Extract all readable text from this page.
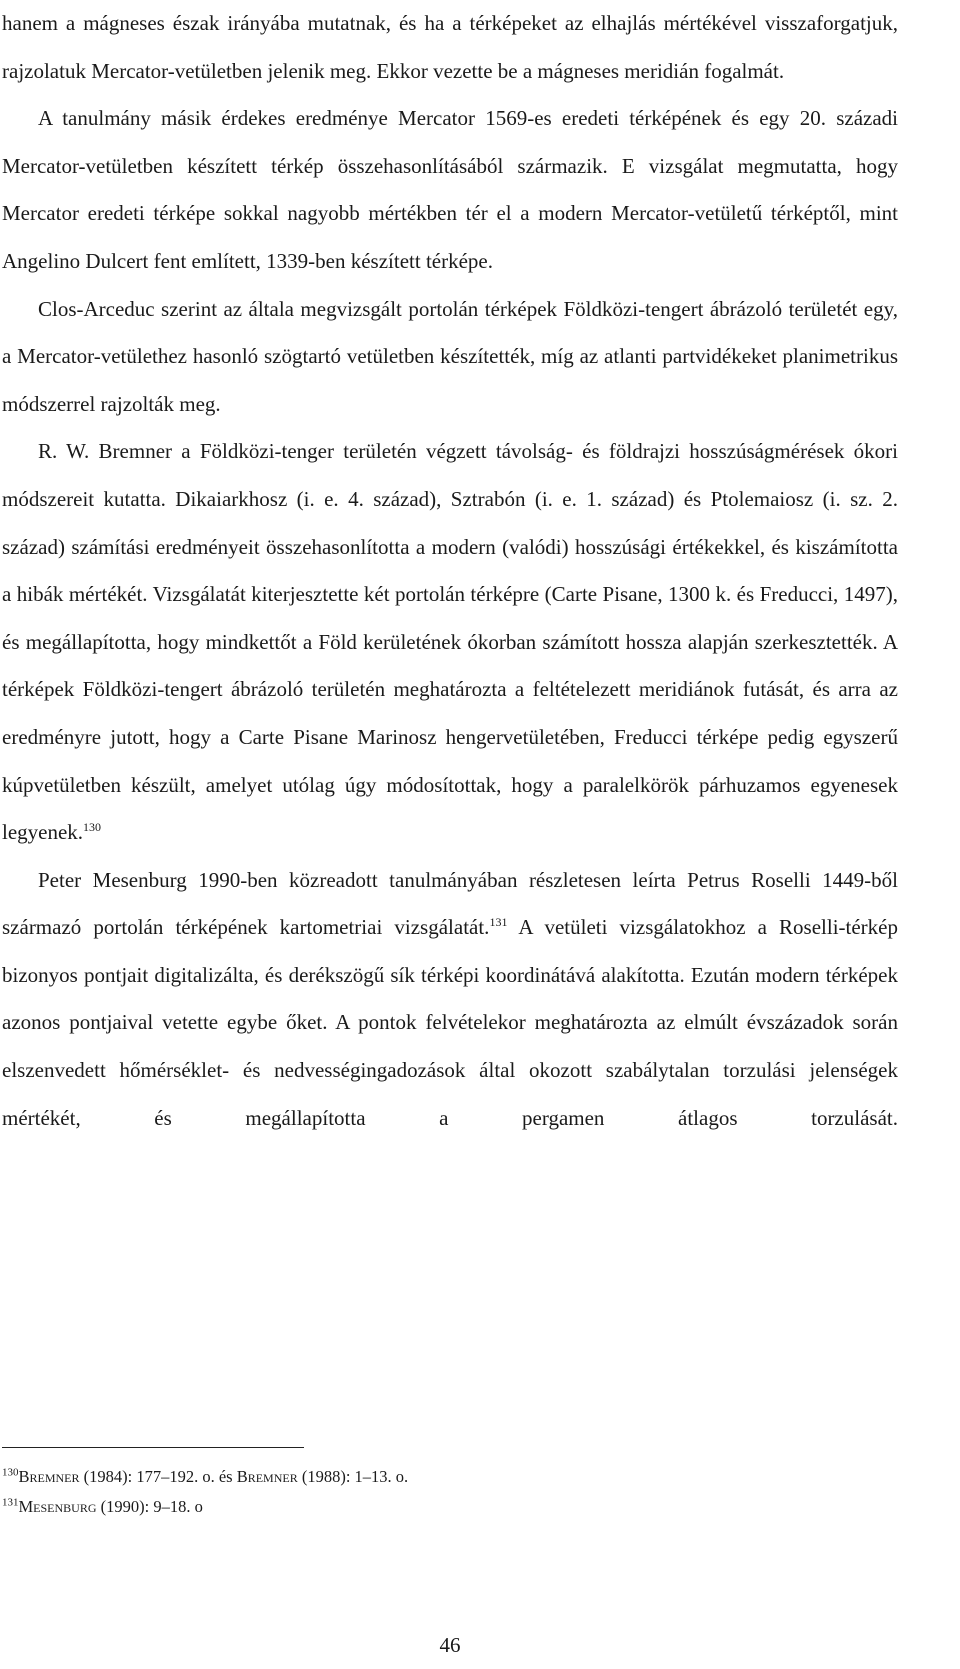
hanem a mágneses észak irányába mutatnak, és ha a térképeket az elhajlás mértékével visszaforgatjuk, rajzolatuk Mercator-vetületben jelenik meg. Ekkor vezette be a mágneses meridián fogalmát.

A tanulmány másik érdekes eredménye Mercator 1569-es eredeti térképének és egy 20. századi Mercator-vetületben készített térkép összehasonlításából származik. E vizsgálat megmutatta, hogy Mercator eredeti térképe sokkal nagyobb mértékben tér el a modern Mercator-vetületű térképtől, mint Angelino Dulcert fent említett, 1339-ben készített térképe.

Clos-Arceduc szerint az általa megvizsgált portolán térképek Földközi-tengert ábrázoló területét egy, a Mercator-vetülethez hasonló szögtartó vetületben készítették, míg az atlanti partvidékeket planimetrikus módszerrel rajzolták meg.

R. W. Bremner a Földközi-tenger területén végzett távolság- és földrajzi hosszúságmérések ókori módszereit kutatta. Dikaiarkhosz (i. e. 4. század), Sztrabón (i. e. 1. század) és Ptolemaiosz (i. sz. 2. század) számítási eredményeit összehasonlította a modern (valódi) hosszúsági értékekkel, és kiszámította a hibák mértékét. Vizsgálatát kiterjesztette két portolán térképre (Carte Pisane, 1300 k. és Freducci, 1497), és megállapította, hogy mindkettőt a Föld kerületének ókorban számított hossza alapján szerkesztették. A térképek Földközi-tengert ábrázoló területén meghatározta a feltételezett meridiánok futását, és arra az eredményre jutott, hogy a Carte Pisane Marinosz hengervetületében, Freducci térképe pedig egyszerű kúpvetületben készült, amelyet utólag úgy módosítottak, hogy a paralelkörök párhuzamos egyenesek legyenek.$^{130}$

Peter Mesenburg 1990-ben közreadott tanulmányában részletesen leírta Petrus Roselli 1449-ből származó portolán térképének kartometriai vizsgálatát.$^{131}$ A vetületi vizsgálatokhoz a Roselli-térkép bizonyos pontjait digitalizálta, és derékszögű sík térképi koordinátává alakította. Ezután modern térképek azonos pontjaival vetette egybe őket. A pontok felvételekor meghatározta az elmúlt évszázadok során elszenvedett hőmérséklet- és nedvességingadozások által okozott szabálytalan torzulási jelenségek mértékét, és megállapította a pergamen átlagos torzulását.

$^{130}$Bremner (1984): 177–192. o. és Bremner (1988): 1–13. o.
$^{131}$Mesenburg (1990): 9–18. o
46
